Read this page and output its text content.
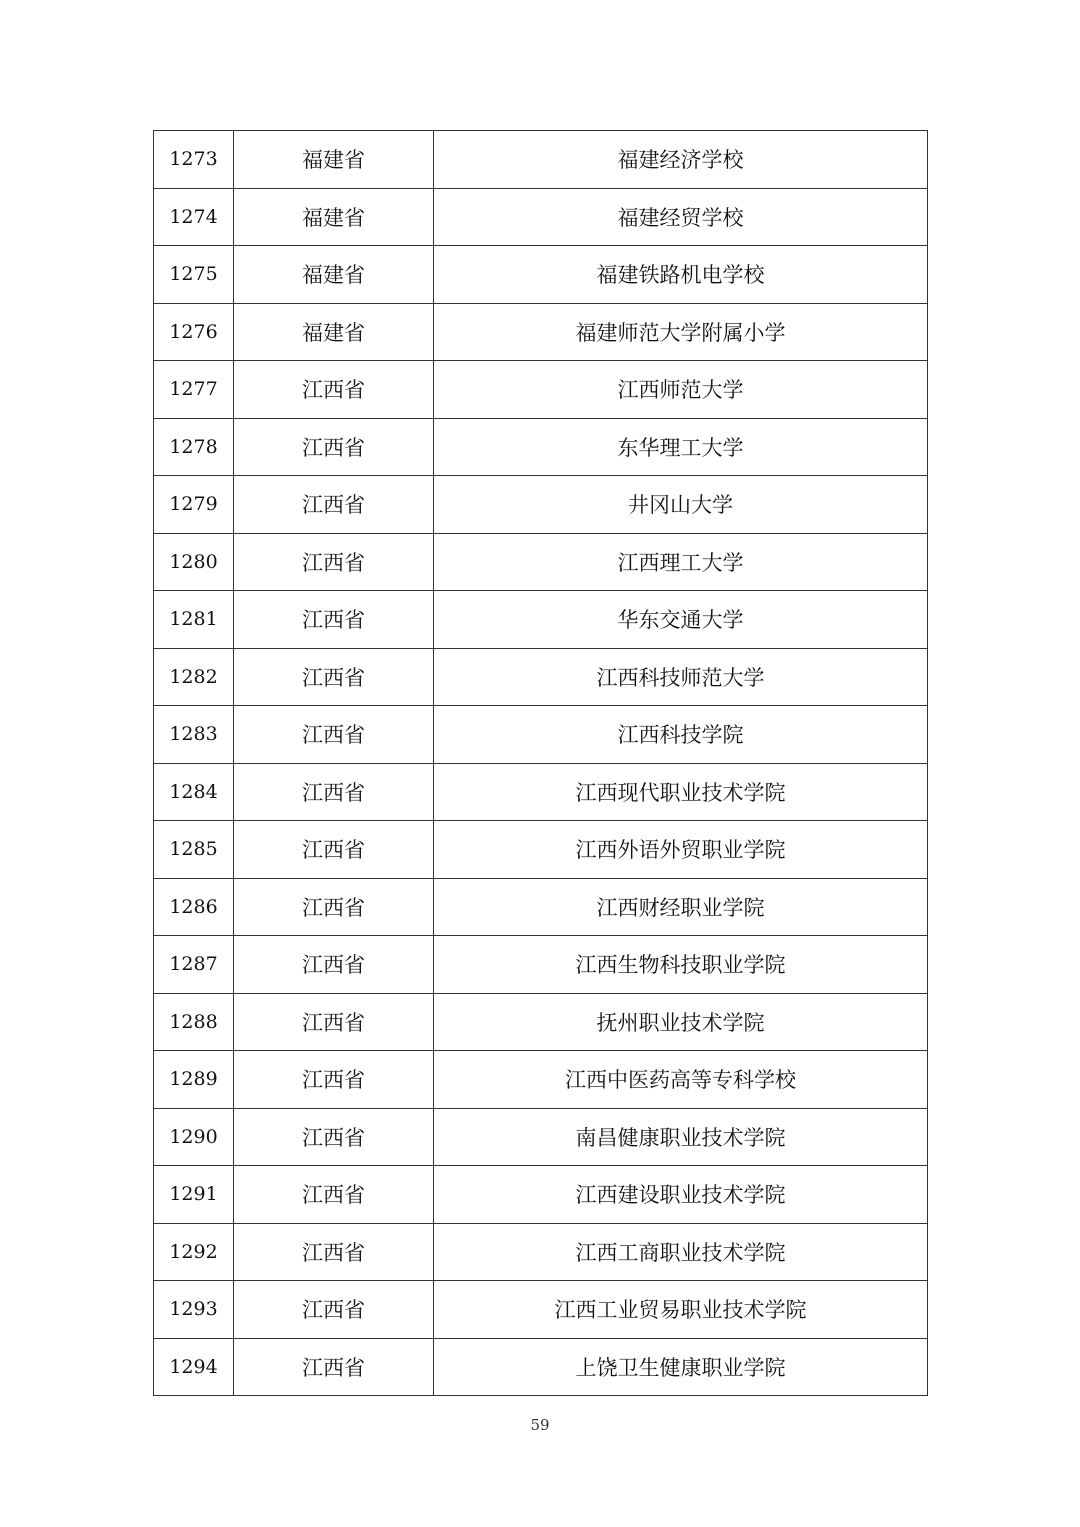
1273	福建省	福建经济学校
1274	福建省	福建经贸学校
1275	福建省	福建铁路机电学校
1276	福建省	福建师范大学附属小学
1277	江西省	江西师范大学
1278	江西省	东华理工大学
1279	江西省	井冈山大学
1280	江西省	江西理工大学
1281	江西省	华东交通大学
1282	江西省	江西科技师范大学
1283	江西省	江西科技学院
1284	江西省	江西现代职业技术学院
1285	江西省	江西外语外贸职业学院
1286	江西省	江西财经职业学院
1287	江西省	江西生物科技职业学院
1288	江西省	抚州职业技术学院
1289	江西省	江西中医药高等专科学校
1290	江西省	南昌健康职业技术学院
1291	江西省	江西建设职业技术学院
1292	江西省	江西工商职业技术学院
1293	江西省	江西工业贸易职业技术学院
1294	江西省	上饶卫生健康职业学院
59
